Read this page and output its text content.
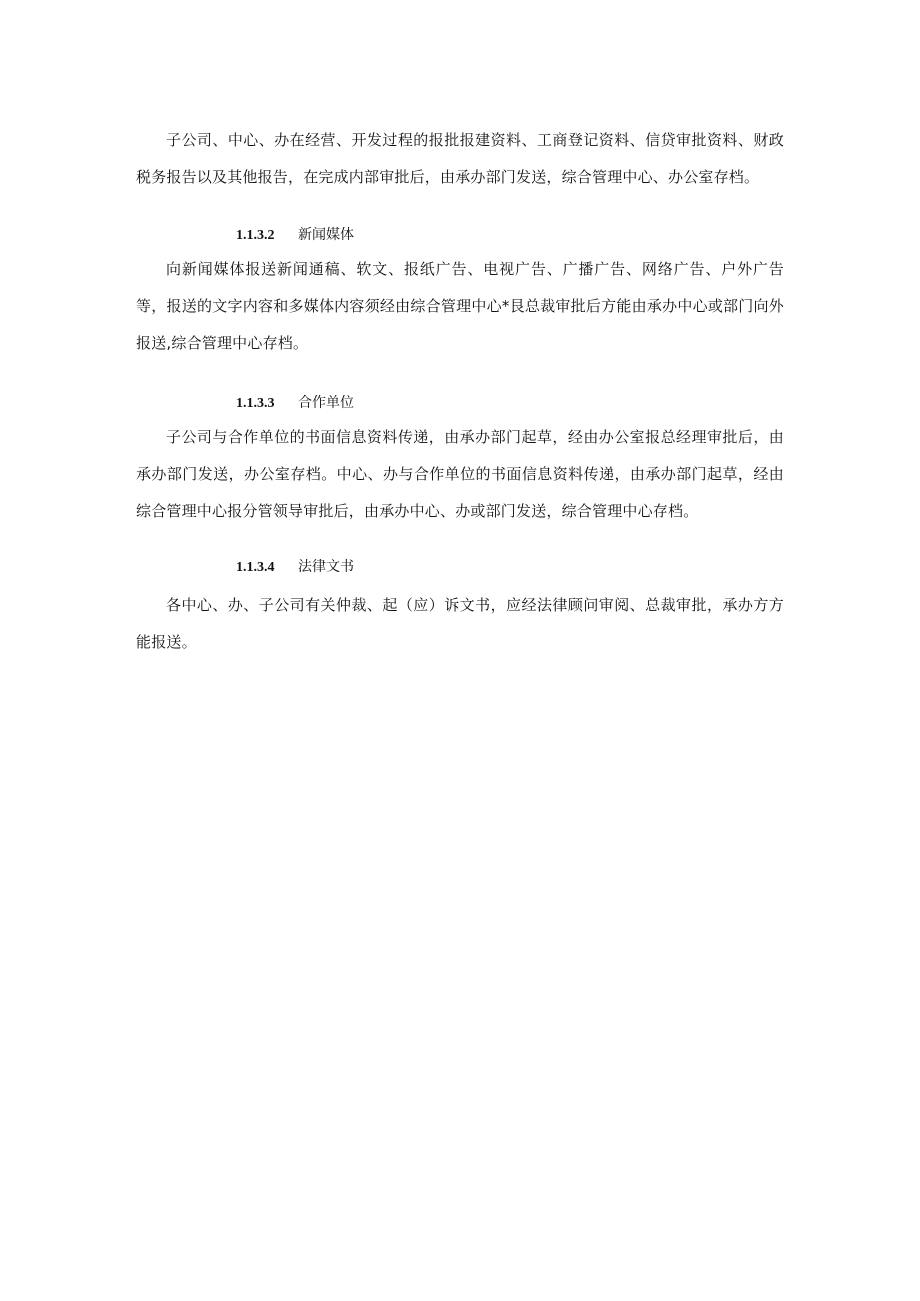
子公司、中心、办在经营、开发过程的报批报建资料、工商登记资料、信贷审批资料、财政税务报告以及其他报告，在完成内部审批后，由承办部门发送，综合管理中心、办公室存档。

1.1.3.2 新闻媒体

向新闻媒体报送新闻通稿、软文、报纸广告、电视广告、广播广告、网络广告、户外广告等，报送的文字内容和多媒体内容须经由综合管理中心*艮总裁审批后方能由承办中心或部门向外报送,综合管理中心存档。

1.1.3.3 合作单位

子公司与合作单位的书面信息资料传递，由承办部门起草，经由办公室报总经理审批后，由承办部门发送，办公室存档。中心、办与合作单位的书面信息资料传递，由承办部门起草，经由综合管理中心报分管领导审批后，由承办中心、办或部门发送，综合管理中心存档。

1.1.3.4 法律文书

各中心、办、子公司有关仲裁、起（应）诉文书，应经法律顾问审阅、总裁审批，承办方方能报送。
